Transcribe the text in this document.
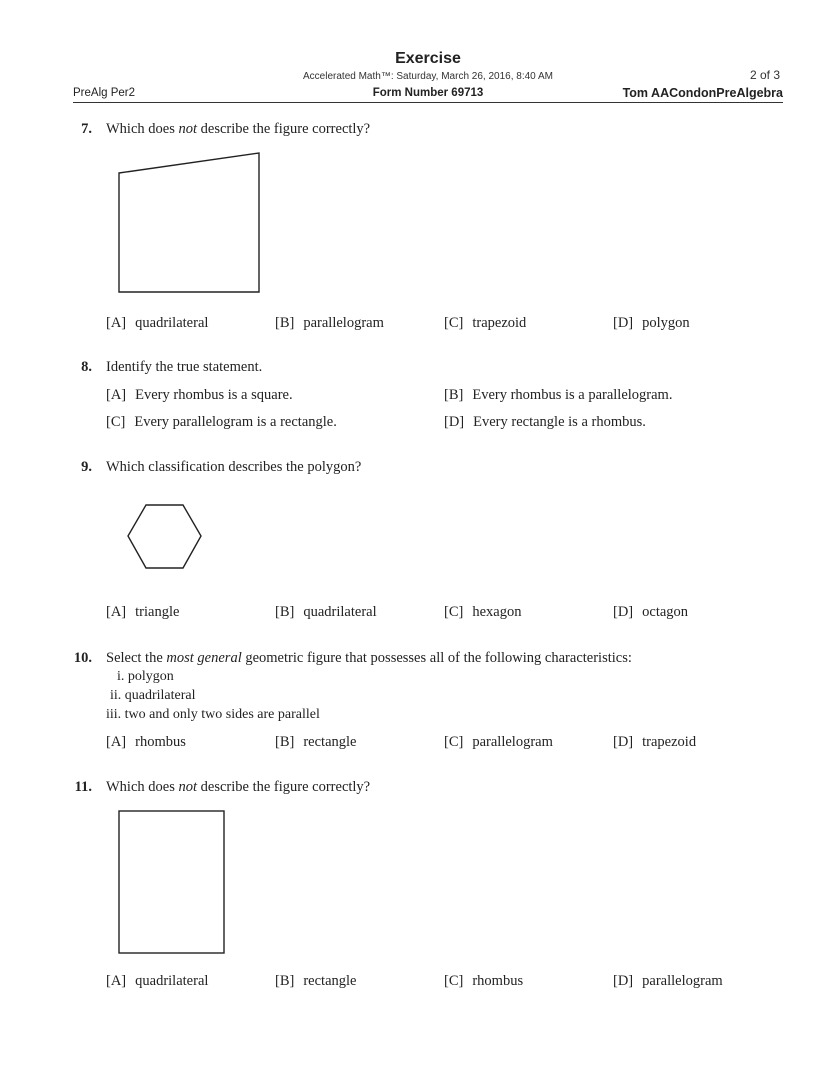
Exercise
Accelerated Math™: Saturday, March 26, 2016, 8:40 AM	2 of 3
PreAlg Per2	Form Number 69713	Tom AACondonPreAlgebra
7. Which does not describe the figure correctly?
[A] quadrilateral	[B] parallelogram	[C] trapezoid	[D] polygon
8. Identify the true statement.
[A] Every rhombus is a square.	[B] Every rhombus is a parallelogram.
[C] Every parallelogram is a rectangle.	[D] Every rectangle is a rhombus.
9. Which classification describes the polygon?
[A] triangle	[B] quadrilateral	[C] hexagon	[D] octagon
10. Select the most general geometric figure that possesses all of the following characteristics:
i. polygon
ii. quadrilateral
iii. two and only two sides are parallel
[A] rhombus	[B] rectangle	[C] parallelogram	[D] trapezoid
11. Which does not describe the figure correctly?
[A] quadrilateral	[B] rectangle	[C] rhombus	[D] parallelogram
